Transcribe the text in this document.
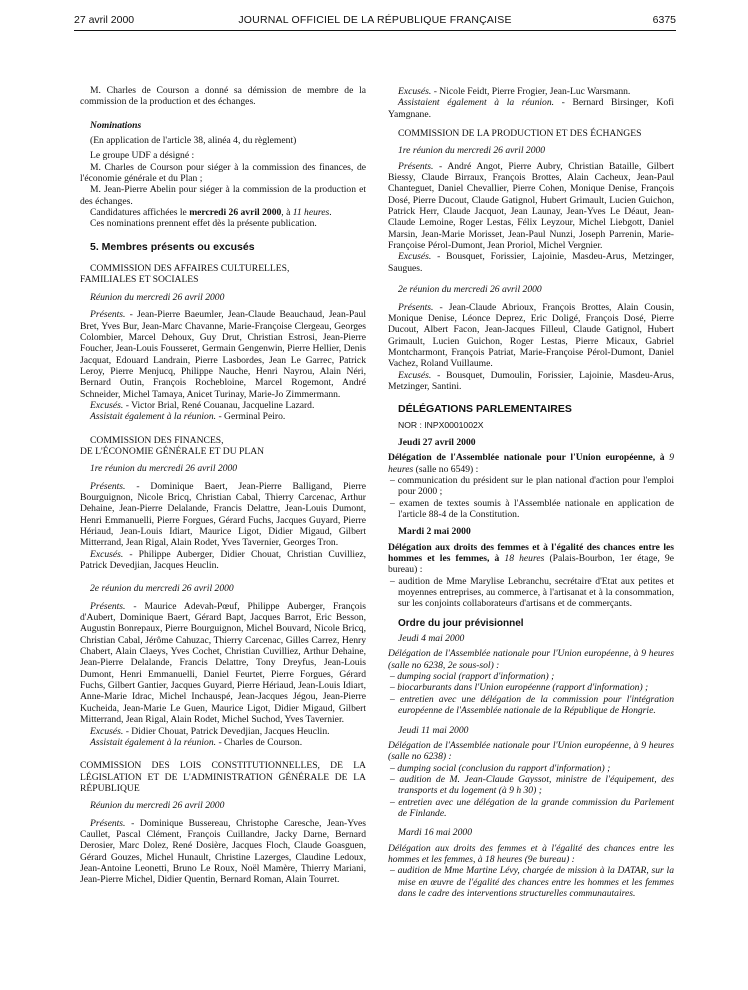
27 avril 2000	JOURNAL OFFICIEL DE LA RÉPUBLIQUE FRANÇAISE	6375

M. Charles de Courson a donné sa démission de membre de la commission de la production et des échanges.

Nominations

(En application de l'article 38, alinéa 4, du règlement)

Le groupe UDF a désigné :

M. Charles de Courson pour siéger à la commission des finances, de l'économie générale et du Plan ;

M. Jean-Pierre Abelin pour siéger à la commission de la production et des échanges.

Candidatures affichées le mercredi 26 avril 2000, à 11 heures.

Ces nominations prennent effet dès la présente publication.

5. Membres présents ou excusés

COMMISSION DES AFFAIRES CULTURELLES,
FAMILIALES ET SOCIALES

Réunion du mercredi 26 avril 2000

Présents. - Jean-Pierre Baeumler, Jean-Claude Beauchaud, Jean-Paul Bret, Yves Bur, Jean-Marc Chavanne, Marie-Françoise Clergeau, Georges Colombier, Marcel Dehoux, Guy Drut, Christian Estrosi, Jean-Pierre Foucher, Jean-Louis Fousseret, Germain Gengenwin, Pierre Hellier, Denis Jacquat, Edouard Landrain, Pierre Lasbordes, Jean Le Garrec, Patrick Leroy, Pierre Menjucq, Philippe Nauche, Henri Nayrou, Alain Néri, Bernard Outin, François Rochebloine, Marcel Rogemont, André Schneider, Michel Tamaya, Anicet Turinay, Marie-Jo Zimmermann.

Excusés. - Victor Brial, René Couanau, Jacqueline Lazard.

Assistait également à la réunion. - Germinal Peiro.

COMMISSION DES FINANCES,
DE L'ÉCONOMIE GÉNÉRALE ET DU PLAN

1re réunion du mercredi 26 avril 2000

Présents. - Dominique Baert, Jean-Pierre Balligand, Pierre Bourguignon, Nicole Bricq, Christian Cabal, Thierry Carcenac, Arthur Dehaine, Jean-Pierre Delalande, Francis Delattre, Jean-Louis Dumont, Henri Emmanuelli, Pierre Forgues, Gérard Fuchs, Jacques Guyard, Pierre Hériaud, Jean-Louis Idiart, Maurice Ligot, Didier Migaud, Gilbert Mitterrand, Jean Rigal, Alain Rodet, Yves Tavernier, Georges Tron.

Excusés. - Philippe Auberger, Didier Chouat, Christian Cuvilliez, Patrick Devedjian, Jacques Heuclin.

2e réunion du mercredi 26 avril 2000

Présents. - Maurice Adevah-Pœuf, Philippe Auberger, François d'Aubert, Dominique Baert, Gérard Bapt, Jacques Barrot, Eric Besson, Augustin Bonrepaux, Pierre Bourguignon, Michel Bouvard, Nicole Bricq, Christian Cabal, Jérôme Cahuzac, Thierry Carcenac, Gilles Carrez, Henry Chabert, Alain Claeys, Yves Cochet, Christian Cuvilliez, Arthur Dehaine, Jean-Pierre Delalande, Francis Delattre, Tony Dreyfus, Jean-Louis Dumont, Henri Emmanuelli, Daniel Feurtet, Pierre Forgues, Gérard Fuchs, Gilbert Gantier, Jacques Guyard, Pierre Hériaud, Jean-Louis Idiart, Anne-Marie Idrac, Michel Inchauspé, Jean-Jacques Jégou, Jean-Pierre Kucheida, Jean-Marie Le Guen, Maurice Ligot, Didier Migaud, Gilbert Mitterrand, Jean Rigal, Alain Rodet, Michel Suchod, Yves Tavernier.

Excusés. - Didier Chouat, Patrick Devedjian, Jacques Heuclin.

Assistait également à la réunion. - Charles de Courson.

COMMISSION DES LOIS CONSTITUTIONNELLES, DE LA LÉGISLATION ET DE L'ADMINISTRATION GÉNÉRALE DE LA RÉPUBLIQUE

Réunion du mercredi 26 avril 2000

Présents. - Dominique Bussereau, Christophe Caresche, Jean-Yves Caullet, Pascal Clément, François Cuillandre, Jacky Darne, Bernard Derosier, Marc Dolez, René Dosière, Jacques Floch, Claude Goasguen, Gérard Gouzes, Michel Hunault, Christine Lazerges, Claudine Ledoux, Jean-Antoine Leonetti, Bruno Le Roux, Noël Mamère, Thierry Mariani, Jean-Pierre Michel, Didier Quentin, Bernard Roman, Alain Tourret.

Excusés. - Nicole Feidt, Pierre Frogier, Jean-Luc Warsmann.

Assistaient également à la réunion. - Bernard Birsinger, Kofi Yamgnane.

COMMISSION DE LA PRODUCTION ET DES ÉCHANGES

1re réunion du mercredi 26 avril 2000

Présents. - André Angot, Pierre Aubry, Christian Bataille, Gilbert Biessy, Claude Birraux, François Brottes, Alain Cacheux, Jean-Paul Chanteguet, Daniel Chevallier, Pierre Cohen, Monique Denise, François Dosé, Pierre Ducout, Claude Gatignol, Hubert Grimault, Lucien Guichon, Patrick Herr, Claude Jacquot, Jean Launay, Jean-Yves Le Déaut, Jean-Claude Lemoine, Roger Lestas, Félix Leyzour, Michel Liebgott, Daniel Marsin, Jean-Marie Morisset, Jean-Paul Nunzi, Joseph Parrenin, Marie-Françoise Pérol-Dumont, Jean Proriol, Michel Vergnier.

Excusés. - Bousquet, Forissier, Lajoinie, Masdeu-Arus, Metzinger, Saugues.

2e réunion du mercredi 26 avril 2000

Présents. - Jean-Claude Abrioux, François Brottes, Alain Cousin, Monique Denise, Léonce Deprez, Eric Doligé, François Dosé, Pierre Ducout, Albert Facon, Jean-Jacques Filleul, Claude Gatignol, Hubert Grimault, Lucien Guichon, Roger Lestas, Pierre Micaux, Gabriel Montcharmont, François Patriat, Marie-Françoise Pérol-Dumont, Daniel Vachez, Roland Vuillaume.

Excusés. - Bousquet, Dumoulin, Forissier, Lajoinie, Masdeu-Arus, Metzinger, Santini.

DÉLÉGATIONS PARLEMENTAIRES

NOR : INPX0001002X

Jeudi 27 avril 2000

Délégation de l'Assemblée nationale pour l'Union européenne, à 9 heures (salle no 6549) :

– communication du président sur le plan national d'action pour l'emploi pour 2000 ;

– examen de textes soumis à l'Assemblée nationale en application de l'article 88-4 de la Constitution.

Mardi 2 mai 2000

Délégation aux droits des femmes et à l'égalité des chances entre les hommes et les femmes, à 18 heures (Palais-Bourbon, 1er étage, 9e bureau) :

– audition de Mme Marylise Lebranchu, secrétaire d'Etat aux petites et moyennes entreprises, au commerce, à l'artisanat et à la consommation, sur les conjoints collaborateurs d'artisans et de commerçants.

Ordre du jour prévisionnel

Jeudi 4 mai 2000

Délégation de l'Assemblée nationale pour l'Union européenne, à 9 heures (salle no 6238, 2e sous-sol) :

– dumping social (rapport d'information) ;

– biocarburants dans l'Union européenne (rapport d'information) ;

– entretien avec une délégation de la commission pour l'intégration européenne de l'Assemblée nationale de la République de Hongrie.

Jeudi 11 mai 2000

Délégation de l'Assemblée nationale pour l'Union européenne, à 9 heures (salle no 6238) :

– dumping social (conclusion du rapport d'information) ;

– audition de M. Jean-Claude Gayssot, ministre de l'équipement, des transports et du logement (à 9 h 30) ;

– entretien avec une délégation de la grande commission du Parlement de Finlande.

Mardi 16 mai 2000

Délégation aux droits des femmes et à l'égalité des chances entre les hommes et les femmes, à 18 heures (9e bureau) :

– audition de Mme Martine Lévy, chargée de mission à la DATAR, sur la mise en œuvre de l'égalité des chances entre les hommes et les femmes dans le cadre des interventions structurelles communautaires.
